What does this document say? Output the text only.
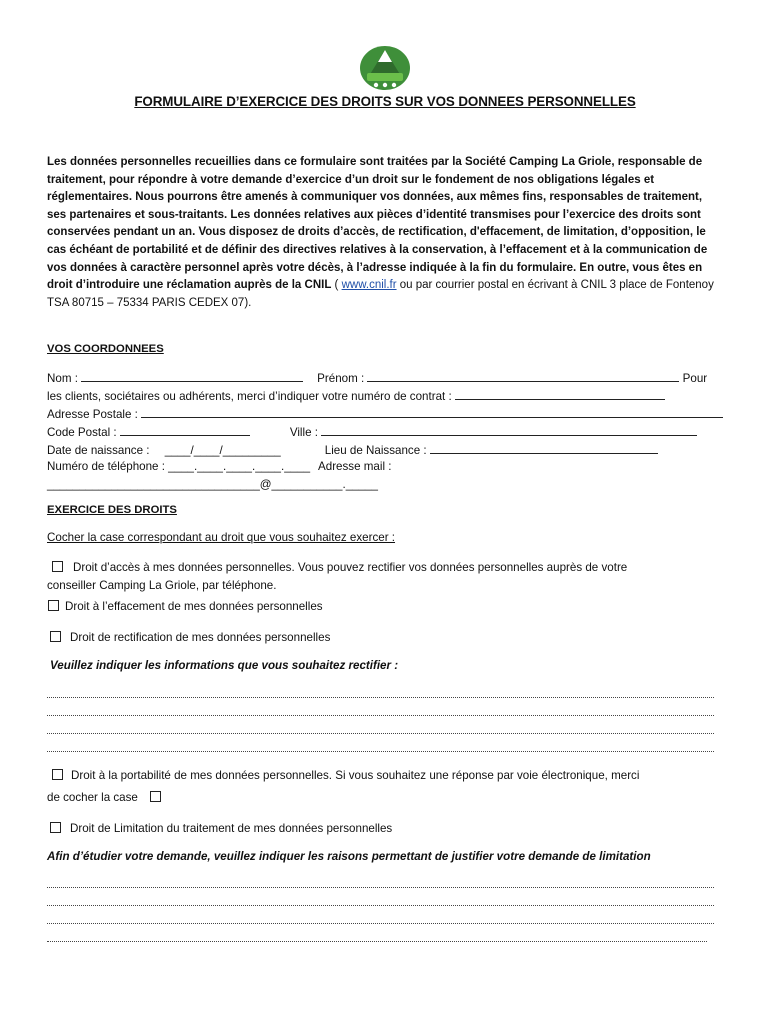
FORMULAIRE D’EXERCICE DES DROITS SUR VOS DONNEES PERSONNELLES
Les données personnelles recueillies dans ce formulaire sont traitées par la Société Camping La Griole, responsable de traitement, pour répondre à votre demande d’exercice d’un droit sur le fondement de nos obligations légales et réglementaires. Nous pourrons être amenés à communiquer vos données, aux mêmes fins, responsables de traitement, ses partenaires et sous-traitants. Les données relatives aux pièces d’identité transmises pour l’exercice des droits sont conservées pendant un an. Vous disposez de droits d’accès, de rectification, d'effacement, de limitation, d’opposition, le cas échéant de portabilité et de définir des directives relatives à la conservation, à l’effacement et à la communication de vos données à caractère personnel après votre décès, à l’adresse indiquée à la fin du formulaire. En outre, vous êtes en droit d’introduire une réclamation auprès de la CNIL ( www.cnil.fr ou par courrier postal en écrivant à CNIL 3 place de Fontenoy TSA 80715 – 75334 PARIS CEDEX 07).
VOS COORDONNEES
Nom :	Prénom :	Pour
les clients, sociétaires ou adhérents, merci d’indiquer votre numéro de contrat :
Adresse Postale :
Code Postal :	Ville :
Date de naissance : ____/____/_________	Lieu de Naissance :
Numéro de téléphone : ____.____.____.____.____ Adresse mail :
_________________________________@___________._____
EXERCICE DES DROITS
Cocher la case correspondant au droit que vous souhaitez exercer :
Droit d’accès à mes données personnelles. Vous pouvez rectifier vos données personnelles auprès de votre
conseiller Camping La Griole, par téléphone.
Droit à l’effacement de mes données personnelles
Droit de rectification de mes données personnelles
Veuillez indiquer les informations que vous souhaitez rectifier :
Droit à la portabilité de mes données personnelles. Si vous souhaitez une réponse par voie électronique, merci
de cocher la case
Droit de Limitation du traitement de mes données personnelles
Afin d’étudier votre demande, veuillez indiquer les raisons permettant de justifier votre demande de limitation
